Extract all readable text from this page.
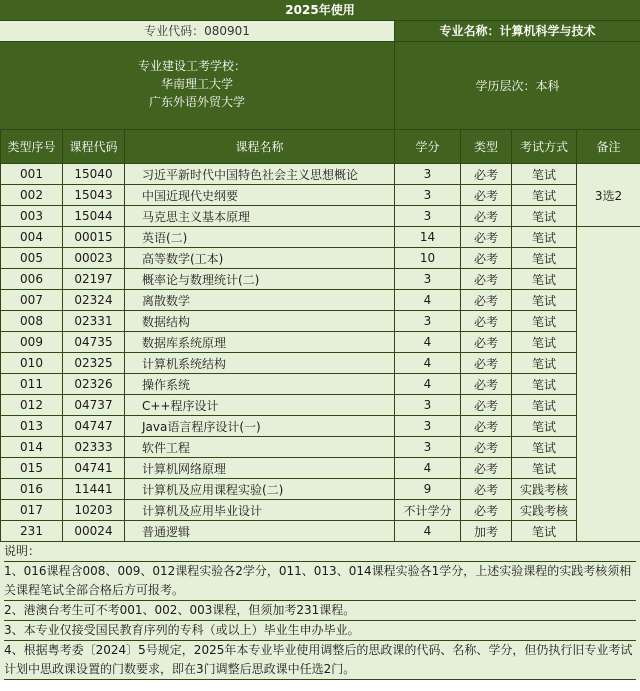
2025年使用
专业代码：080901	专业名称：计算机科学与技术
专业建设工考学校：
华南理工大学
广东外语外贸大学
学历层次：本科
类型序号	课程代码	课程名称	学分	类型	考试方式	备注
001	15040	习近平新时代中国特色社会主义思想概论	3	必考	笔试	3选2
002	15043	中国近现代史纲要	3	必考	笔试	
003	15044	马克思主义基本原理	3	必考	笔试	
004	00015	英语(二)	14	必考	笔试	
005	00023	高等数学(工本)	10	必考	笔试	
006	02197	概率论与数理统计(二)	3	必考	笔试	
007	02324	离散数学	4	必考	笔试	
008	02331	数据结构	3	必考	笔试	
009	04735	数据库系统原理	4	必考	笔试	
010	02325	计算机系统结构	4	必考	笔试	
011	02326	操作系统	4	必考	笔试	
012	04737	C++程序设计	3	必考	笔试	
013	04747	Java语言程序设计(一)	3	必考	笔试	
014	02333	软件工程	3	必考	笔试	
015	04741	计算机网络原理	4	必考	笔试	
016	11441	计算机及应用课程实验(二)	9	必考	实践考核	
017	10203	计算机及应用毕业设计	不计学分	必考	实践考核	
231	00024	普通逻辑	4	加考	笔试	
说明：
1、016课程含008、009、012课程实验各2学分，011、013、014课程实验各1学分，上述实验课程的实践考核须相关课程笔试全部合格后方可报考。
2、港澳台考生可不考001、002、003课程，但须加考231课程。
3、本专业仅接受国民教育序列的专科（或以上）毕业生申办毕业。
4、根据粤考委〔2024〕5号规定，2025年本专业毕业使用调整后的思政课的代码、名称、学分，但仍执行旧专业考试计划中思政课设置的门数要求，即在3门调整后思政课中任选2门。
